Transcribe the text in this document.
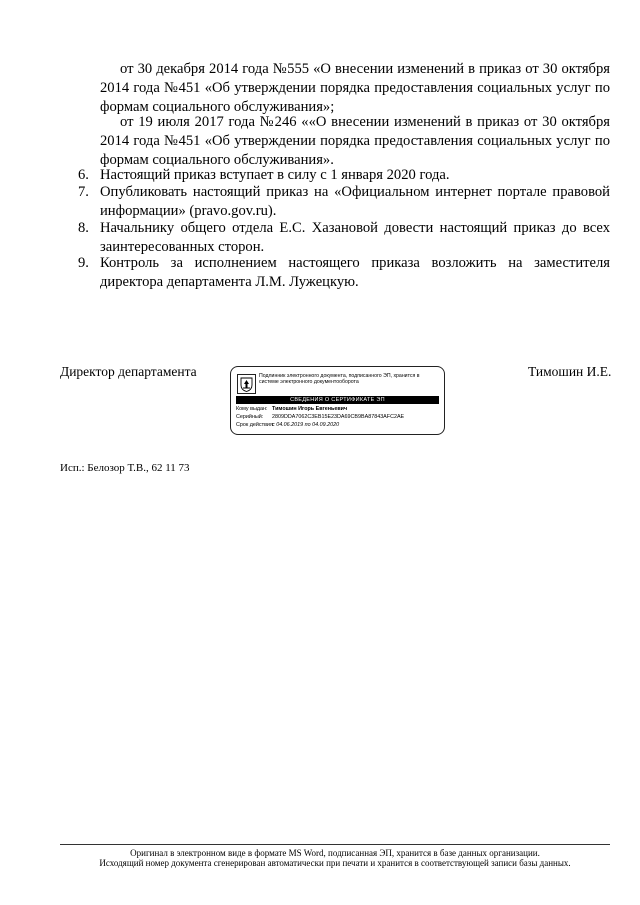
от 30 декабря 2014 года №555 «О внесении изменений в приказ от 30 октября 2014 года №451 «Об утверждении порядка предоставления социальных услуг по формам социального обслуживания»;
от 19 июля 2017 года №246 ««О внесении изменений в приказ от 30 октября 2014 года №451 «Об утверждении порядка предоставления социальных услуг по формам социального обслуживания».
6. Настоящий приказ вступает в силу с 1 января 2020 года.
7. Опубликовать настоящий приказ на «Официальном интернет портале правовой информации» (pravo.gov.ru).
8. Начальнику общего отдела Е.С. Хазановой довести настоящий приказ до всех заинтересованных сторон.
9. Контроль за исполнением настоящего приказа возложить на заместителя директора департамента Л.М. Лужецкую.
Директор департамента	Тимошин И.Е.
Подлинник электронного документа, подписанного ЭП, хранится в системе электронного документооборота
СВЕДЕНИЯ О СЕРТИФИКАТЕ ЭП
Кому выдан: Тимошин Игорь Евгеньевич
Серийный: 2809DDA7062C3EB15E23DA69CB9BA87843AFC2AE
Срок действия:с 04.06.2019 по 04.09.2020
Исп.: Белозор Т.В., 62 11 73
Оригинал в электронном виде в формате MS Word, подписанная ЭП, хранится в базе данных организации.
Исходящий номер документа сгенерирован автоматически при печати и хранится в соответствующей записи базы данных.
